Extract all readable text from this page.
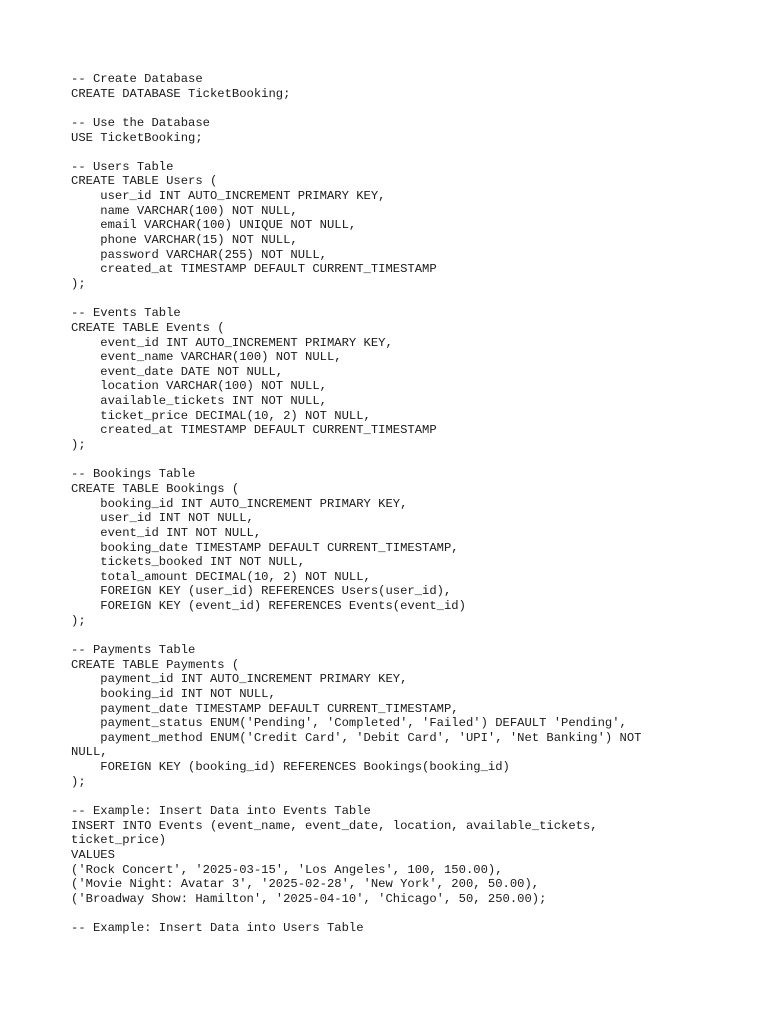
-- Create Database
CREATE DATABASE TicketBooking;
-- Use the Database
USE TicketBooking;
-- Users Table
CREATE TABLE Users (
user_id INT AUTO_INCREMENT PRIMARY KEY,
name VARCHAR(100) NOT NULL,
email VARCHAR(100) UNIQUE NOT NULL,
phone VARCHAR(15) NOT NULL,
password VARCHAR(255) NOT NULL,
created_at TIMESTAMP DEFAULT CURRENT_TIMESTAMP
);
-- Events Table
CREATE TABLE Events (
event_id INT AUTO_INCREMENT PRIMARY KEY,
event_name VARCHAR(100) NOT NULL,
event_date DATE NOT NULL,
location VARCHAR(100) NOT NULL,
available_tickets INT NOT NULL,
ticket_price DECIMAL(10, 2) NOT NULL,
created_at TIMESTAMP DEFAULT CURRENT_TIMESTAMP
);
-- Bookings Table
CREATE TABLE Bookings (
booking_id INT AUTO_INCREMENT PRIMARY KEY,
user_id INT NOT NULL,
event_id INT NOT NULL,
booking_date TIMESTAMP DEFAULT CURRENT_TIMESTAMP,
tickets_booked INT NOT NULL,
total_amount DECIMAL(10, 2) NOT NULL,
FOREIGN KEY (user_id) REFERENCES Users(user_id),
FOREIGN KEY (event_id) REFERENCES Events(event_id)
);
-- Payments Table
CREATE TABLE Payments (
payment_id INT AUTO_INCREMENT PRIMARY KEY,
booking_id INT NOT NULL,
payment_date TIMESTAMP DEFAULT CURRENT_TIMESTAMP,
payment_status ENUM('Pending', 'Completed', 'Failed') DEFAULT 'Pending',
payment_method ENUM('Credit Card', 'Debit Card', 'UPI', 'Net Banking') NOT
NULL,
FOREIGN KEY (booking_id) REFERENCES Bookings(booking_id)
);
-- Example: Insert Data into Events Table
INSERT INTO Events (event_name, event_date, location, available_tickets,
ticket_price)
VALUES
('Rock Concert', '2025-03-15', 'Los Angeles', 100, 150.00),
('Movie Night: Avatar 3', '2025-02-28', 'New York', 200, 50.00),
('Broadway Show: Hamilton', '2025-04-10', 'Chicago', 50, 250.00);
-- Example: Insert Data into Users Table
